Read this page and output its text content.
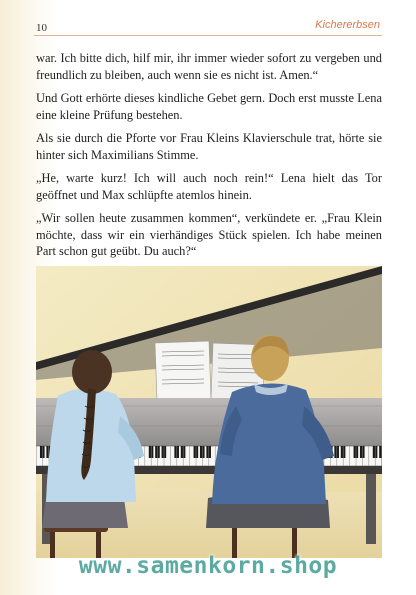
10	Kichererbsen

war. Ich bitte dich, hilf mir, ihr immer wieder sofort zu vergeben und freundlich zu bleiben, auch wenn sie es nicht ist. Amen.“

Und Gott erhörte dieses kindliche Gebet gern. Doch erst musste Lena eine kleine Prüfung bestehen.

Als sie durch die Pforte vor Frau Kleins Klavierschule trat, hörte sie hinter sich Maximilians Stimme.

„He, warte kurz! Ich will auch noch rein!“ Lena hielt das Tor geöffnet und Max schlüpfte atemlos hinein.

„Wir sollen heute zusammen kommen“, verkündete er. „Frau Klein möchte, dass wir ein vierhändiges Stück spielen. Ich habe meinen Part schon gut geübt. Du auch?“

www.samenkorn.shop
